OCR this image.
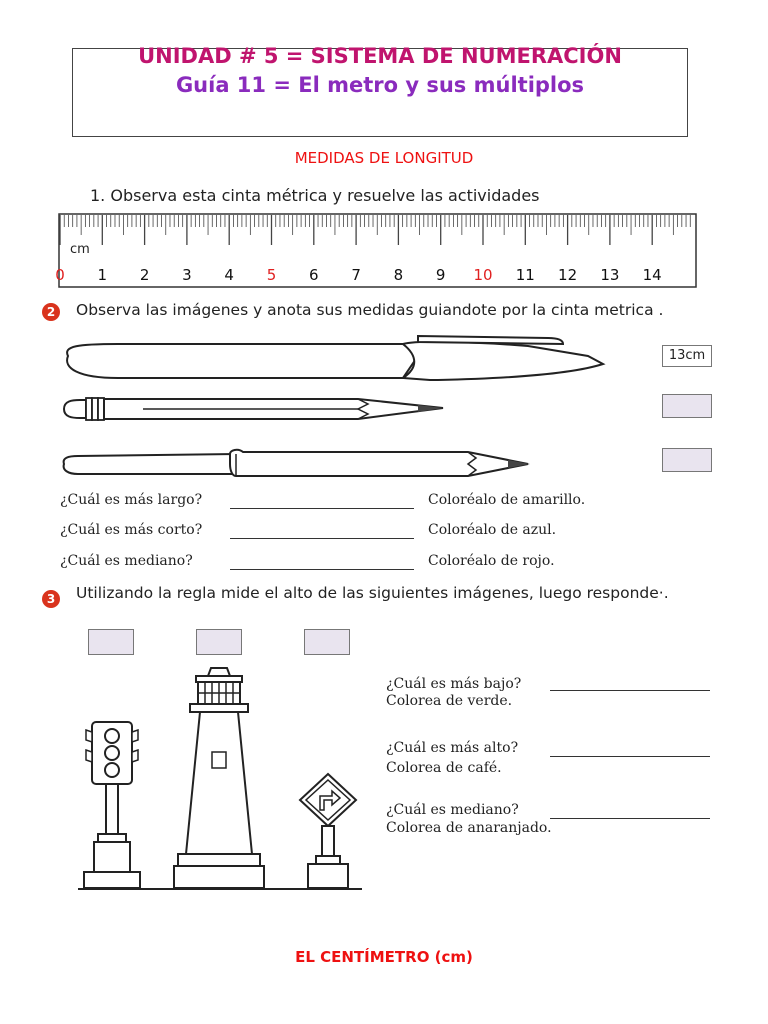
UNIDAD # 5 = SISTEMA DE NUMERACIÓN
Guía 11 = El metro y sus múltiplos
MEDIDAS DE LONGITUD
1. Observa esta cinta métrica y resuelve las actividades
cm
0 1 2 3 4 5 6 7 8 9 10 11 12 13 14
2	Observa las imágenes y anota sus medidas guiandote por la cinta metrica .
13cm
¿Cuál es más largo?	Coloréalo de amarillo.
¿Cuál es más corto?	Coloréalo de azul.
¿Cuál es mediano?	Coloréalo de rojo.
3	Utilizando la regla mide el alto de las siguientes imágenes, luego responde·.
¿Cuál es más bajo?
Colorea de verde.
¿Cuál es más alto?
Colorea de café.
¿Cuál es mediano?
Colorea de anaranjado.
EL CENTÍMETRO (cm)
